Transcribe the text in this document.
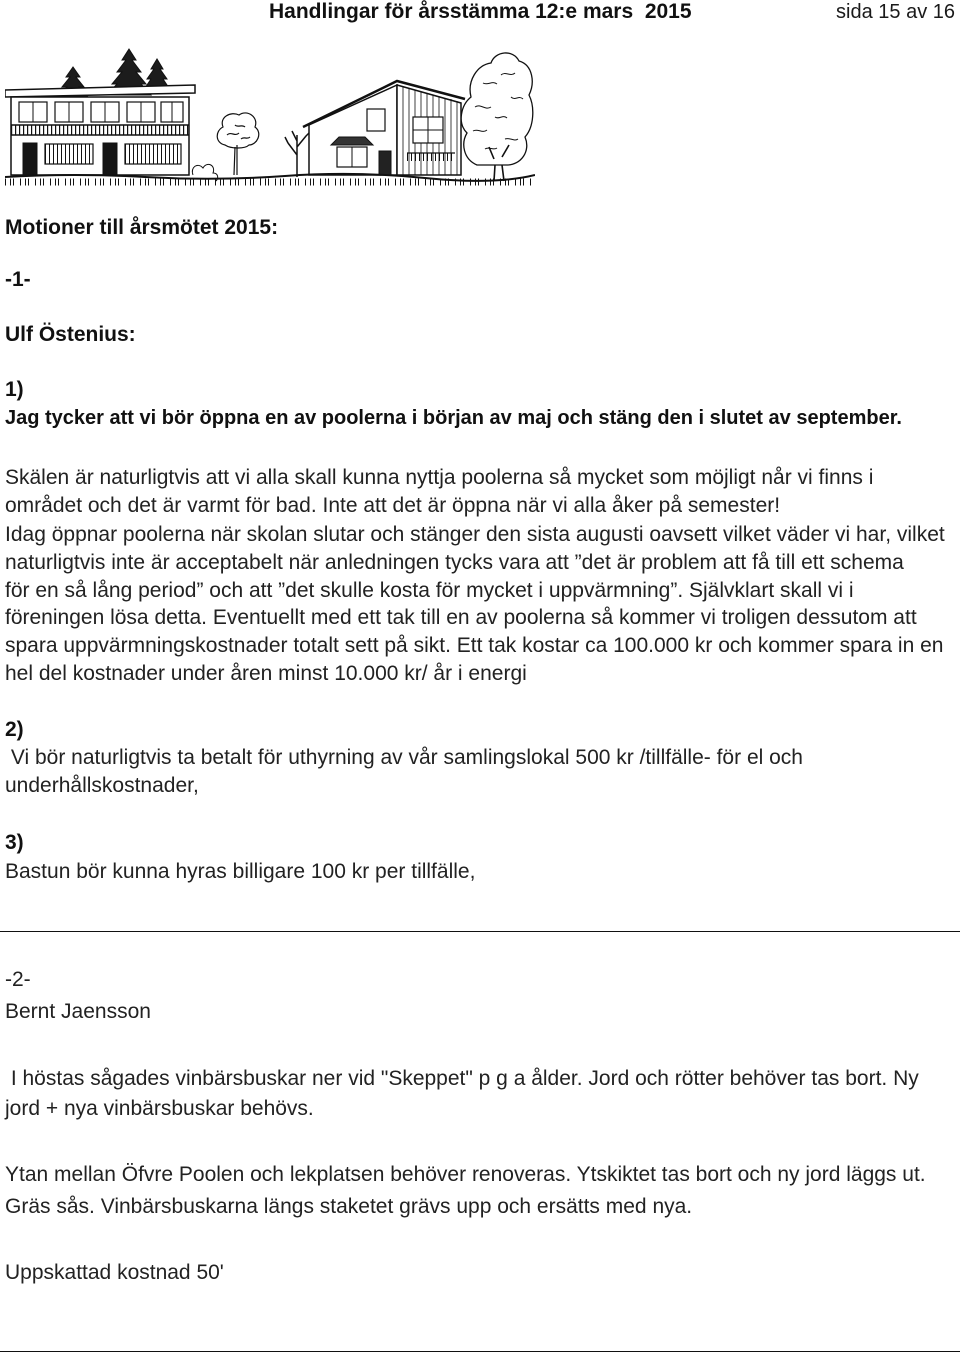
Handlingar för årsstämma 12:e mars  2015	sida 15 av 16
Motioner till årsmötet 2015:
-1-
Ulf Östenius:
1)
Jag tycker att vi bör öppna en av poolerna i början av maj och stäng den i slutet av september.
Skälen är naturligtvis att vi alla skall kunna nyttja poolerna så mycket som möjligt når vi finns i
området och det är varmt för bad. Inte att det är öppna när vi alla åker på semester!
Idag öppnar poolerna när skolan slutar och stänger den sista augusti oavsett vilket väder vi har, vilket
naturligtvis inte är acceptabelt när anledningen tycks vara att ”det är problem att få till ett schema
för en så lång period” och att ”det skulle kosta för mycket i uppvärmning”. Självklart skall vi i
föreningen lösa detta. Eventuellt med ett tak till en av poolerna så kommer vi troligen dessutom att
spara uppvärmningskostnader totalt sett på sikt. Ett tak kostar ca 100.000 kr och kommer spara in en
hel del kostnader under åren minst 10.000 kr/ år i energi
2)
Vi bör naturligtvis ta betalt för uthyrning av vår samlingslokal 500 kr /tillfälle- för el och
underhållskostnader,
3)
Bastun bör kunna hyras billigare 100 kr per tillfälle,
-2-
Bernt Jaensson
I höstas sågades vinbärsbuskar ner vid "Skeppet" p g a ålder. Jord och rötter behöver tas bort. Ny
jord + nya vinbärsbuskar behövs.
Ytan mellan Öfvre Poolen och lekplatsen behöver renoveras. Ytskiktet tas bort och ny jord läggs ut.
Gräs sås. Vinbärsbuskarna längs staketet grävs upp och ersätts med nya.
Uppskattad kostnad 50'
